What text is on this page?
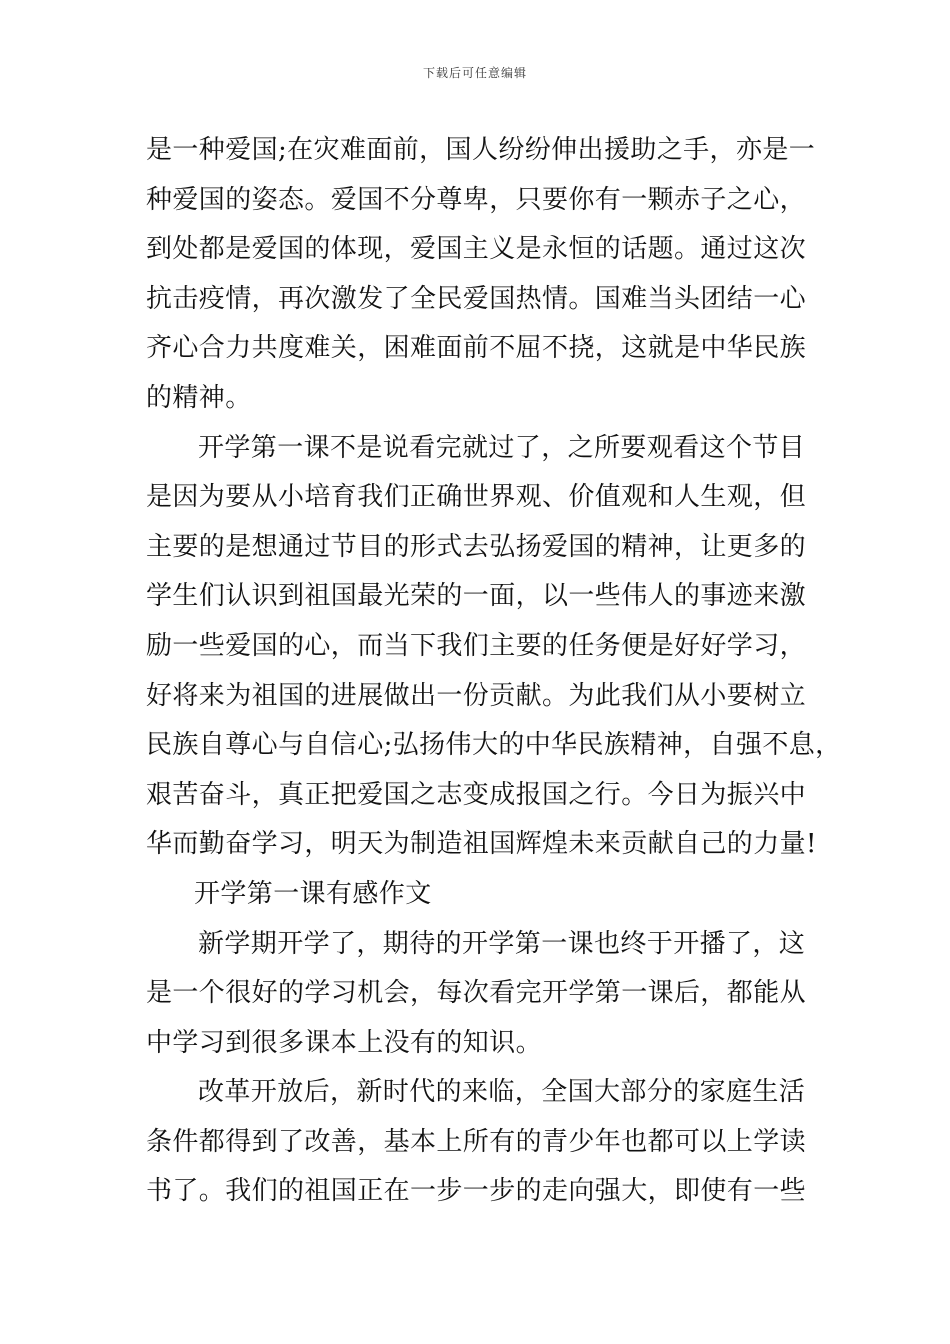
下载后可任意编辑
是一种爱国;在灾难面前，国人纷纷伸出援助之手，亦是一
种爱国的姿态。爱国不分尊卑，只要你有一颗赤子之心，
到处都是爱国的体现，爱国主义是永恒的话题。通过这次
抗击疫情，再次激发了全民爱国热情。国难当头团结一心
齐心合力共度难关，困难面前不屈不挠，这就是中华民族
的精神。
开学第一课不是说看完就过了，之所要观看这个节目
是因为要从小培育我们正确世界观、价值观和人生观，但
主要的是想通过节目的形式去弘扬爱国的精神，让更多的
学生们认识到祖国最光荣的一面，以一些伟人的事迹来激
励一些爱国的心，而当下我们主要的任务便是好好学习，
好将来为祖国的进展做出一份贡献。为此我们从小要树立
民族自尊心与自信心;弘扬伟大的中华民族精神，自强不息，
艰苦奋斗，真正把爱国之志变成报国之行。今日为振兴中
华而勤奋学习，明天为制造祖国辉煌未来贡献自己的力量!
开学第一课有感作文
新学期开学了，期待的开学第一课也终于开播了，这
是一个很好的学习机会，每次看完开学第一课后，都能从
中学习到很多课本上没有的知识。
改革开放后，新时代的来临，全国大部分的家庭生活
条件都得到了改善，基本上所有的青少年也都可以上学读
书了。我们的祖国正在一步一步的走向强大，即使有一些
